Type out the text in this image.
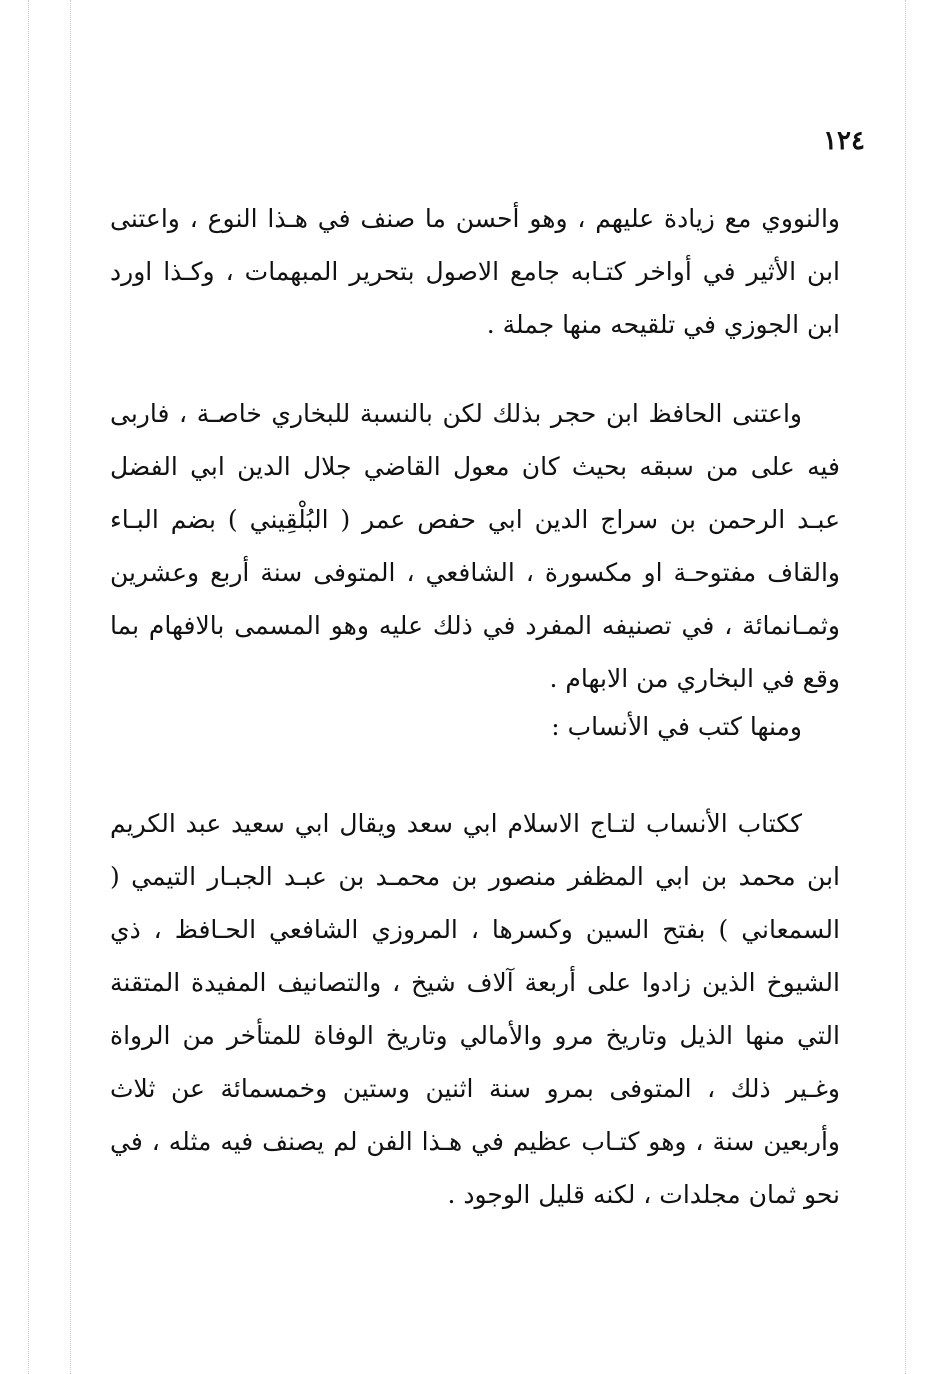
١٢٤

والنووي مع زيادة عليهم ، وهو أحسن ما صنف في هـذا النوع ، واعتنى ابن الأثير في أواخر كتـابه جامع الاصول بتحرير المبهمات ، وكـذا اورد ابن الجوزي في تلقيحه منها جملة .

واعتنى الحافظ ابن حجر بذلك لكن بالنسبة للبخاري خاصـة ، فاربى فيه على من سبقه بحيث كان معول القاضي جلال الدين ابي الفضل عبـد الرحمن بن سراج الدين ابي حفص عمر ( البُلْقِيني ) بضم البـاء والقاف مفتوحـة او مكسورة ، الشافعي ، المتوفى سنة أربع وعشرين وثمـانمائة ، في تصنيفه المفرد في ذلك عليه وهو المسمى بالافهام بما وقع في البخاري من الابهام .

ومنها كتب في الأنساب :

ككتاب الأنساب لتـاج الاسلام ابي سعد ويقال ابي سعيد عبد الكريم ابن محمد بن ابي المظفر منصور بن محمـد بن عبـد الجبـار التيمي ( السمعاني ) بفتح السين وكسرها ، المروزي الشافعي الحـافظ ، ذي الشيوخ الذين زادوا على أربعة آلاف شيخ ، والتصانيف المفيدة المتقنة التي منها الذيل وتاريخ مرو والأمالي وتاريخ الوفاة للمتأخر من الرواة وغـير ذلك ، المتوفى بمرو سنة اثنين وستين وخمسمائة عن ثلاث وأربعين سنة ، وهو كتـاب عظيم في هـذا الفن لم يصنف فيه مثله ، في نحو ثمان مجلدات ، لكنه قليل الوجود .
